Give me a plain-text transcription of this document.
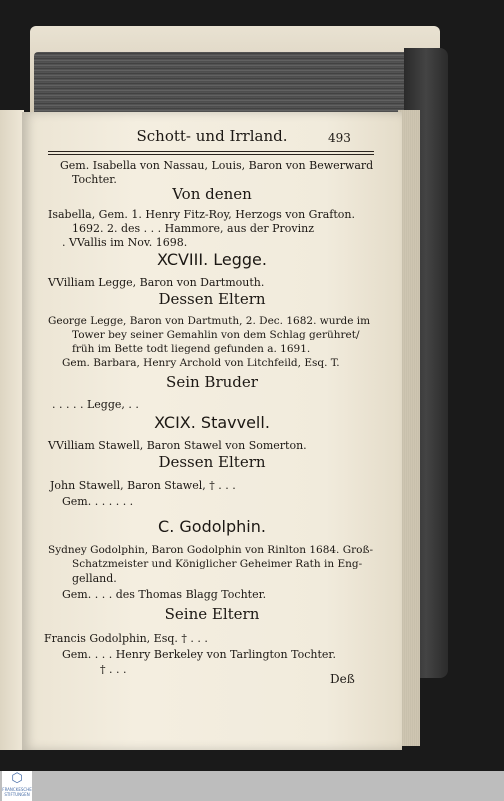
Schott- und Irrland.	493
Gem. Isabella von Nassau, Louis, Baron von Bewerward
Tochter.
Von denen
Isabella, Gem. 1. Henry Fitz-Roy, Herzogs von Grafton.
1692. 2. des . . . Hammore, aus der Provinz
. VVallis im Nov. 1698.
XCVIII. Legge.
VVilliam Legge, Baron von Dartmouth.
Dessen Eltern
George Legge, Baron von Dartmuth, 2. Dec. 1682. wurde im
Tower bey seiner Gemahlin von dem Schlag gerühret/
früh im Bette todt liegend gefunden a. 1691.
Gem. Barbara, Henry Archold von Litchfeild, Esq. T.
Sein Bruder
. . . . . Legge, . .
XCIX. Stavvell.
VVilliam Stawell, Baron Stawel von Somerton.
Dessen Eltern
John Stawell, Baron Stawel, † . . .
Gem. . . . . . .
C. Godolphin.
Sydney Godolphin, Baron Godolphin von Rinlton 1684. Groß-
Schatzmeister und Königlicher Geheimer Rath in Eng-
gelland.
Gem. . . . des Thomas Blagg Tochter.
Seine Eltern
Francis Godolphin, Esq. † . . .
Gem. . . . Henry Berkeley von Tarlington Tochter.
† . . .
Deß
⬡
FRANCKESCHE STIFTUNGEN
